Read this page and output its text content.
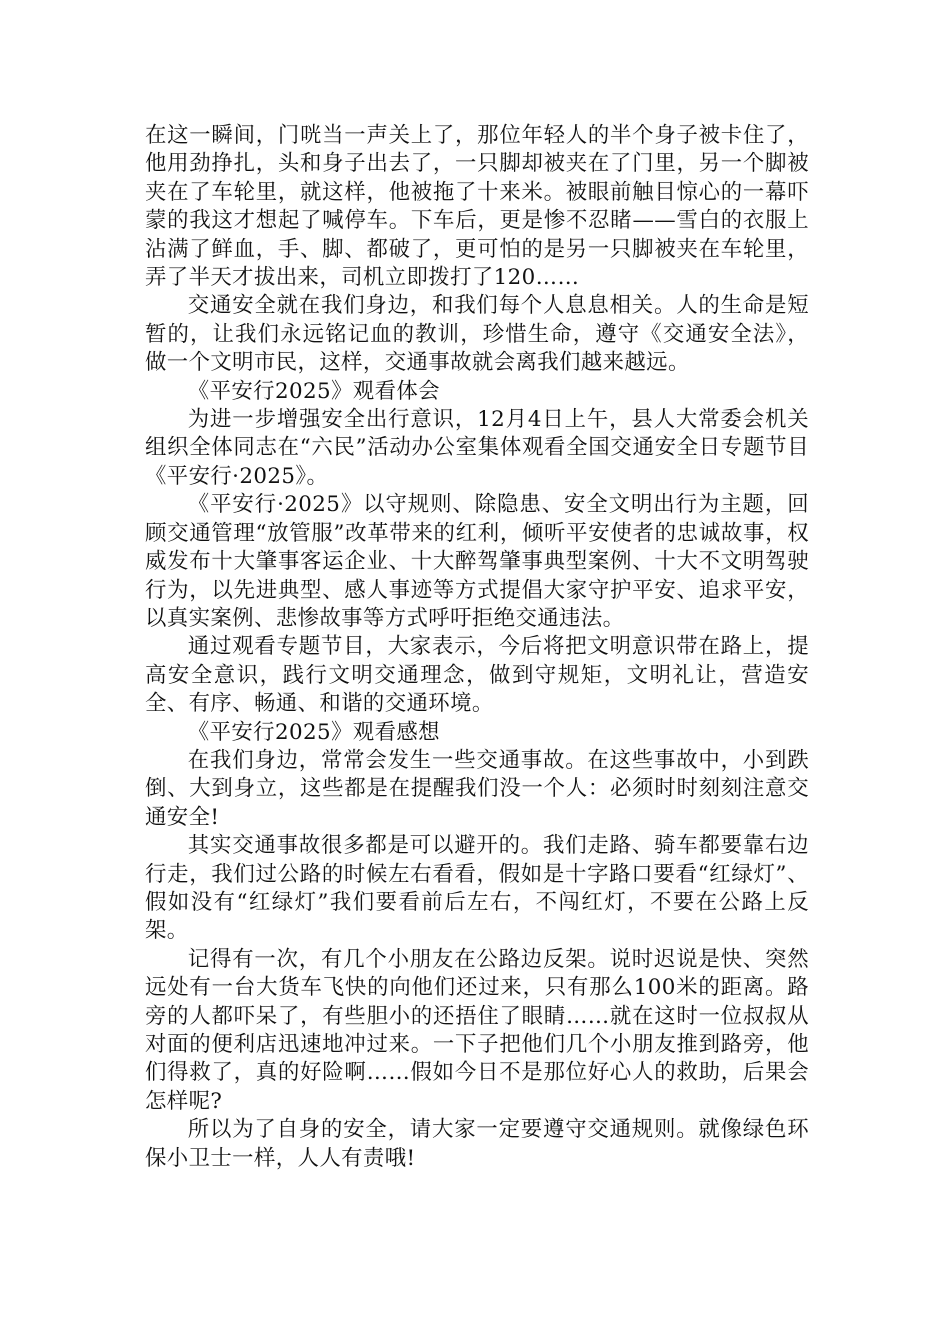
在这一瞬间，门咣当一声关上了，那位年轻人的半个身子被卡住了，他用劲挣扎，头和身子出去了，一只脚却被夹在了门里，另一个脚被夹在了车轮里，就这样，他被拖了十来米。被眼前触目惊心的一幕吓蒙的我这才想起了喊停车。下车后，更是惨不忍睹——雪白的衣服上沾满了鲜血，手、脚、都破了，更可怕的是另一只脚被夹在车轮里，弄了半天才拔出来，司机立即拨打了120……

交通安全就在我们身边，和我们每个人息息相关。人的生命是短暂的，让我们永远铭记血的教训，珍惜生命，遵守《交通安全法》，做一个文明市民，这样，交通事故就会离我们越来越远。

《平安行2025》观看体会

为进一步增强安全出行意识，12月4日上午，县人大常委会机关组织全体同志在“六民”活动办公室集体观看全国交通安全日专题节目《平安行·2025》。

《平安行·2025》以守规则、除隐患、安全文明出行为主题，回顾交通管理“放管服”改革带来的红利，倾听平安使者的忠诚故事，权威发布十大肇事客运企业、十大醉驾肇事典型案例、十大不文明驾驶行为，以先进典型、感人事迹等方式提倡大家守护平安、追求平安，以真实案例、悲惨故事等方式呼吁拒绝交通违法。

通过观看专题节目，大家表示，今后将把文明意识带在路上，提高安全意识，践行文明交通理念，做到守规矩，文明礼让，营造安全、有序、畅通、和谐的交通环境。

《平安行2025》观看感想

在我们身边，常常会发生一些交通事故。在这些事故中，小到跌倒、大到身立，这些都是在提醒我们没一个人：必须时时刻刻注意交通安全!

其实交通事故很多都是可以避开的。我们走路、骑车都要靠右边行走，我们过公路的时候左右看看，假如是十字路口要看“红绿灯”、假如没有“红绿灯”我们要看前后左右，不闯红灯，不要在公路上反架。

记得有一次，有几个小朋友在公路边反架。说时迟说是快、突然远处有一台大货车飞快的向他们还过来，只有那么100米的距离。路旁的人都吓呆了，有些胆小的还捂住了眼睛……就在这时一位叔叔从对面的便利店迅速地冲过来。一下子把他们几个小朋友推到路旁，他们得救了，真的好险啊……假如今日不是那位好心人的救助，后果会怎样呢?

所以为了自身的安全，请大家一定要遵守交通规则。就像绿色环保小卫士一样，人人有责哦!
